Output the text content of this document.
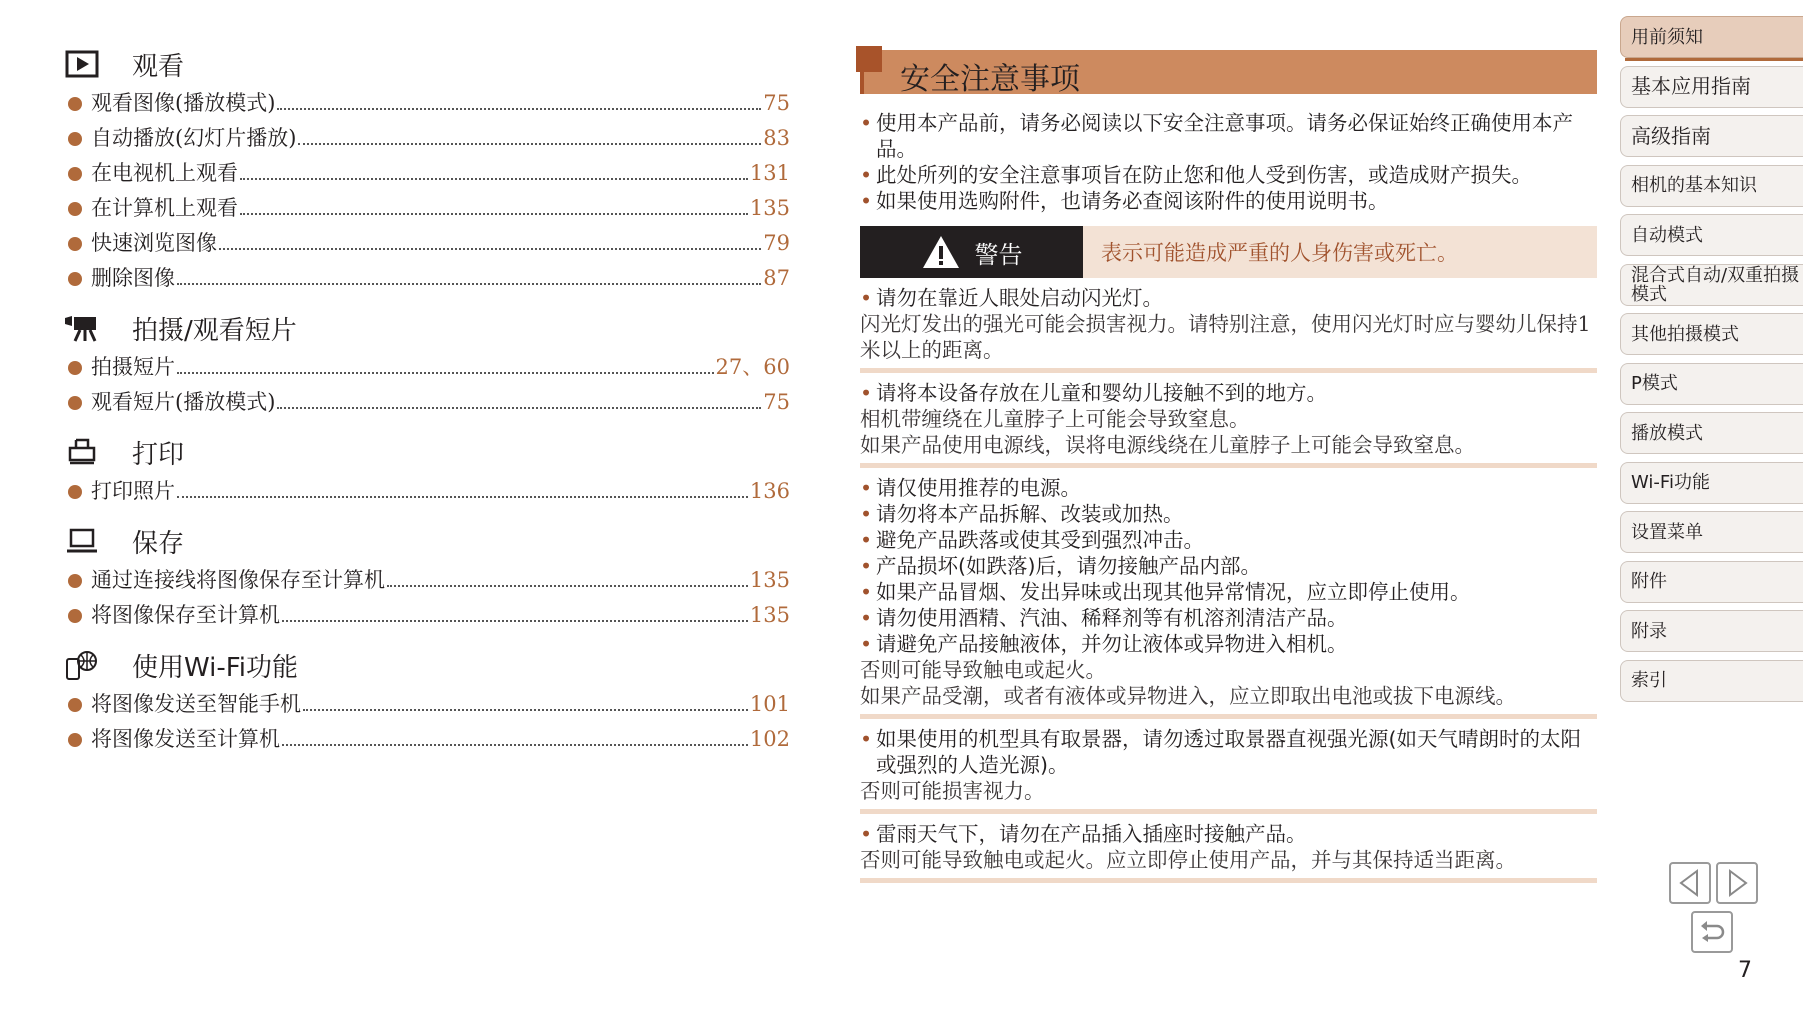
观看
观看图像(播放模式)	75
自动播放(幻灯片播放)	83
在电视机上观看	131
在计算机上观看	135
快速浏览图像	79
删除图像	87
拍摄/观看短片
拍摄短片	27、60
观看短片(播放模式)	75
打印
打印照片	136
保存
通过连接线将图像保存至计算机	135
将图像保存至计算机	135
使用Wi-Fi功能
将图像发送至智能手机	101
将图像发送至计算机	102
安全注意事项
• 使用本产品前，请务必阅读以下安全注意事项。请务必保证始终正确使用本产品。
• 此处所列的安全注意事项旨在防止您和他人受到伤害，或造成财产损失。
• 如果使用选购附件，也请务必查阅该附件的使用说明书。
警告	表示可能造成严重的人身伤害或死亡。
• 请勿在靠近人眼处启动闪光灯。
闪光灯发出的强光可能会损害视力。请特别注意，使用闪光灯时应与婴幼儿保持1米以上的距离。
• 请将本设备存放在儿童和婴幼儿接触不到的地方。
相机带缠绕在儿童脖子上可能会导致窒息。
如果产品使用电源线，误将电源线绕在儿童脖子上可能会导致窒息。
• 请仅使用推荐的电源。
• 请勿将本产品拆解、改装或加热。
• 避免产品跌落或使其受到强烈冲击。
• 产品损坏(如跌落)后，请勿接触产品内部。
• 如果产品冒烟、发出异味或出现其他异常情况，应立即停止使用。
• 请勿使用酒精、汽油、稀释剂等有机溶剂清洁产品。
• 请避免产品接触液体，并勿让液体或异物进入相机。
否则可能导致触电或起火。
如果产品受潮，或者有液体或异物进入，应立即取出电池或拔下电源线。
• 如果使用的机型具有取景器，请勿透过取景器直视强光源(如天气晴朗时的太阳或强烈的人造光源)。
否则可能损害视力。
• 雷雨天气下，请勿在产品插入插座时接触产品。
否则可能导致触电或起火。应立即停止使用产品，并与其保持适当距离。
用前须知
基本应用指南
高级指南
相机的基本知识
自动模式
混合式自动/双重拍摄模式
其他拍摄模式
P模式
播放模式
Wi-Fi功能
设置菜单
附件
附录
索引
7
